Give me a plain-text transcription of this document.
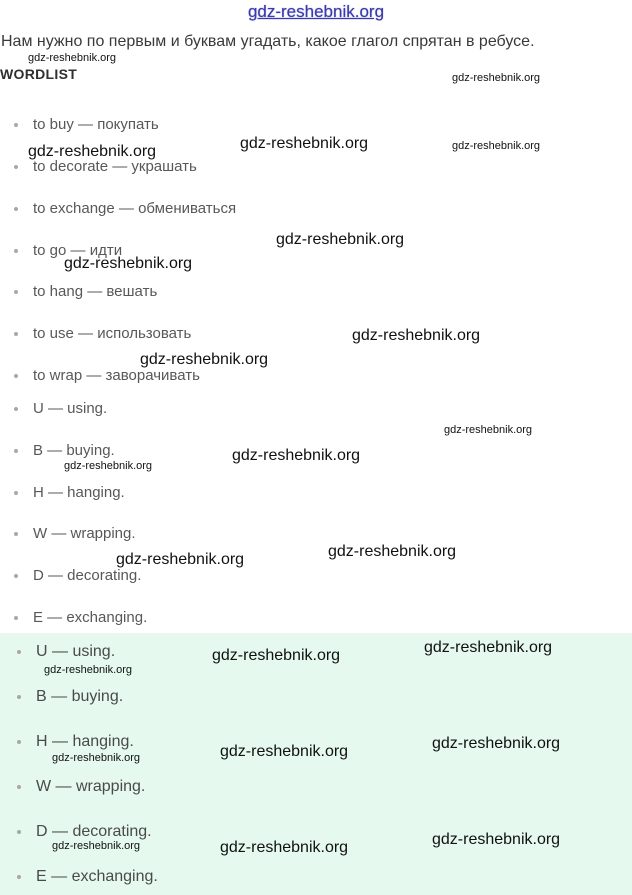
gdz-reshebnik.org
Нам нужно по первым и буквам угадать, какое глагол спрятан в ребусе.
WORDLIST
to buy — покупать
to decorate — украшать
to exchange — обмениваться
to go — идти
to hang — вешать
to use — использовать
to wrap — заворачивать
U — using.
B — buying.
H — hanging.
W — wrapping.
D — decorating.
E — exchanging.
U — using.
B — buying.
H — hanging.
W — wrapping.
D — decorating.
E — exchanging.
gdz-reshebnik.org
gdz-reshebnik.org
gdz-reshebnik.org	gdz-reshebnik.org	gdz-reshebnik.org
gdz-reshebnik.org
gdz-reshebnik.org
gdz-reshebnik.org
gdz-reshebnik.org
gdz-reshebnik.org
gdz-reshebnik.org
gdz-reshebnik.org
gdz-reshebnik.org
gdz-reshebnik.org
gdz-reshebnik.org
gdz-reshebnik.org
gdz-reshebnik.org
gdz-reshebnik.org
gdz-reshebnik.org
gdz-reshebnik.org
gdz-reshebnik.org
gdz-reshebnik.org	gdz-reshebnik.org
